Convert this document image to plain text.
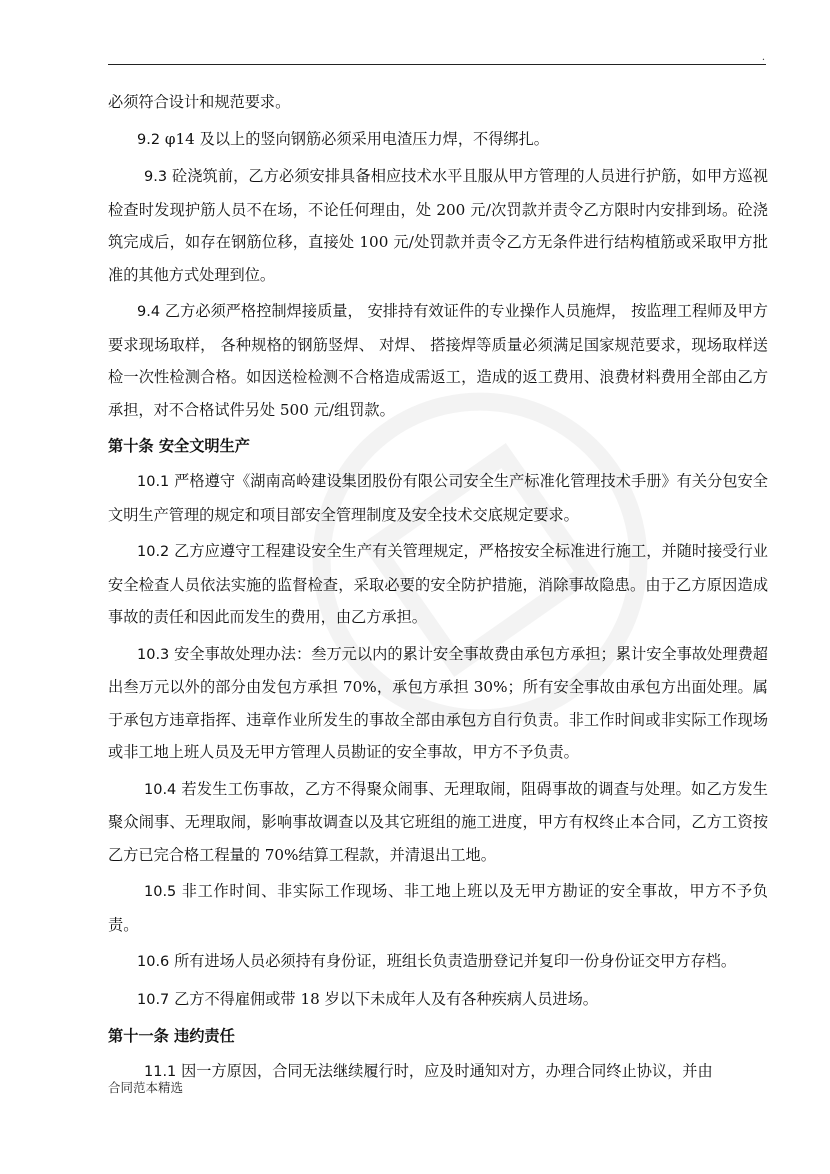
.

必须符合设计和规范要求。

9.2 φ14 及以上的竖向钢筋必须采用电渣压力焊，不得绑扎。

9.3 砼浇筑前，乙方必须安排具备相应技术水平且服从甲方管理的人员进行护筋，如甲方巡视检查时发现护筋人员不在场，不论任何理由，处 200 元/次罚款并责令乙方限时内安排到场。砼浇筑完成后，如存在钢筋位移，直接处 100 元/处罚款并责令乙方无条件进行结构植筋或采取甲方批准的其他方式处理到位。

9.4 乙方必须严格控制焊接质量， 安排持有效证件的专业操作人员施焊， 按监理工程师及甲方要求现场取样， 各种规格的钢筋竖焊、 对焊、 搭接焊等质量必须满足国家规范要求，现场取样送检一次性检测合格。如因送检检测不合格造成需返工，造成的返工费用、浪费材料费用全部由乙方承担，对不合格试件另处 500 元/组罚款。

第十条 安全文明生产

10.1 严格遵守《湖南高岭建设集团股份有限公司安全生产标准化管理技术手册》有关分包安全文明生产管理的规定和项目部安全管理制度及安全技术交底规定要求。

10.2 乙方应遵守工程建设安全生产有关管理规定，严格按安全标准进行施工，并随时接受行业安全检查人员依法实施的监督检查，采取必要的安全防护措施，消除事故隐患。由于乙方原因造成事故的责任和因此而发生的费用，由乙方承担。

10.3 安全事故处理办法：叁万元以内的累计安全事故费由承包方承担；累计安全事故处理费超出叁万元以外的部分由发包方承担 70%，承包方承担 30%；所有安全事故由承包方出面处理。属于承包方违章指挥、违章作业所发生的事故全部由承包方自行负责。非工作时间或非实际工作现场或非工地上班人员及无甲方管理人员勘证的安全事故，甲方不予负责。

10.4 若发生工伤事故，乙方不得聚众闹事、无理取闹，阻碍事故的调查与处理。如乙方发生聚众闹事、无理取闹，影响事故调查以及其它班组的施工进度，甲方有权终止本合同，乙方工资按乙方已完合格工程量的 70%结算工程款，并清退出工地。

10.5 非工作时间、非实际工作现场、非工地上班以及无甲方勘证的安全事故，甲方不予负责。

10.6 所有进场人员必须持有身份证，班组长负责造册登记并复印一份身份证交甲方存档。

10.7 乙方不得雇佣或带 18 岁以下未成年人及有各种疾病人员进场。

第十一条 违约责任

11.1 因一方原因，合同无法继续履行时，应及时通知对方，办理合同终止协议，并由

合同范本精选
